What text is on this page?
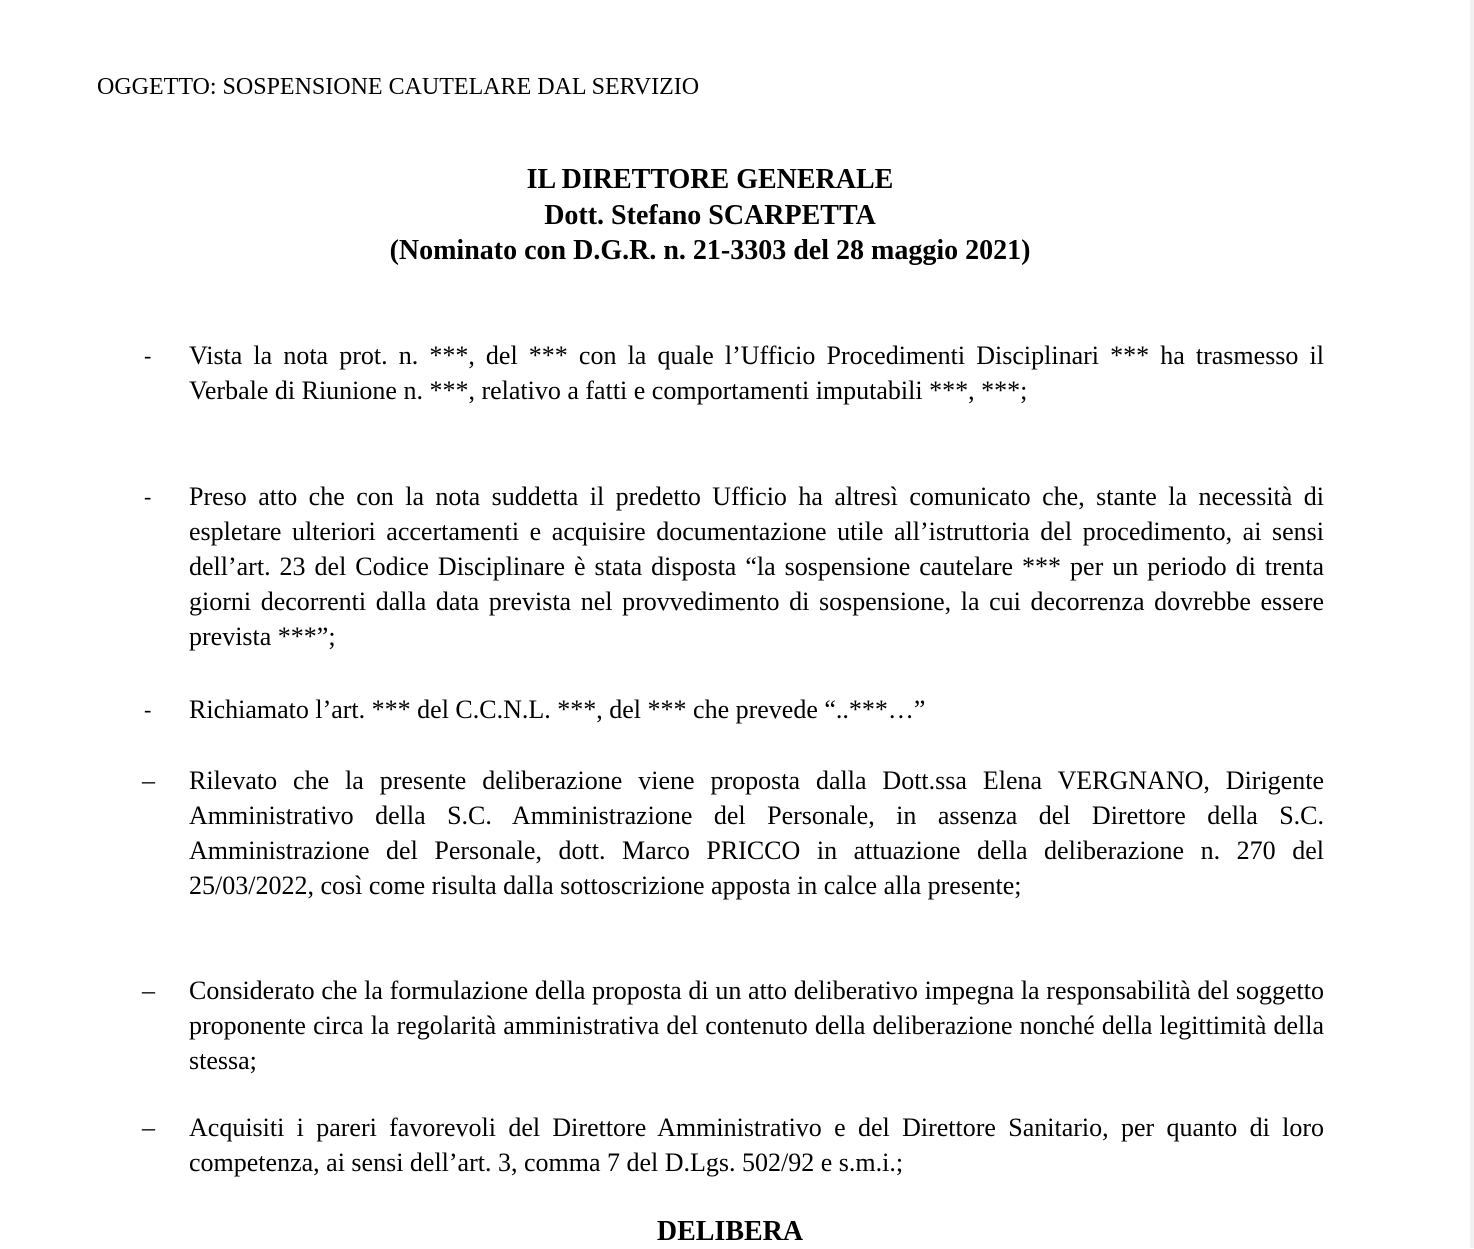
OGGETTO: SOSPENSIONE CAUTELARE DAL SERVIZIO
IL DIRETTORE GENERALE
Dott. Stefano SCARPETTA
(Nominato con D.G.R. n. 21-3303 del 28 maggio 2021)
-	Vista la nota prot. n. ***, del *** con la quale l’Ufficio Procedimenti Disciplinari *** ha trasmesso il Verbale di Riunione n. ***, relativo a fatti e comportamenti imputabili ***, ***;
-	Preso atto che con la nota suddetta il predetto Ufficio ha altresì comunicato che, stante la necessità di espletare ulteriori accertamenti e acquisire documentazione utile all’istruttoria del procedimento, ai sensi dell’art. 23 del Codice Disciplinare è stata disposta “la sospensione cautelare *** per un periodo di trenta giorni decorrenti dalla data prevista nel provvedimento di sospensione, la cui decorrenza dovrebbe essere prevista ***”;
-	Richiamato l’art. *** del C.C.N.L. ***, del *** che prevede “..***…”
–	Rilevato che la presente deliberazione viene proposta dalla Dott.ssa Elena VERGNANO, Dirigente Amministrativo della S.C. Amministrazione del Personale, in assenza del Direttore della S.C. Amministrazione del Personale, dott. Marco PRICCO in attuazione della deliberazione n. 270 del 25/03/2022, così come risulta dalla sottoscrizione apposta in calce alla presente;
–	Considerato che la formulazione della proposta di un atto deliberativo impegna la responsabilità del soggetto proponente circa la regolarità amministrativa del contenuto della deliberazione nonché della legittimità della stessa;
–	Acquisiti i pareri favorevoli del Direttore Amministrativo e del Direttore Sanitario, per quanto di loro competenza, ai sensi dell’art. 3, comma 7 del D.Lgs. 502/92 e s.m.i.;
DELIBERA
